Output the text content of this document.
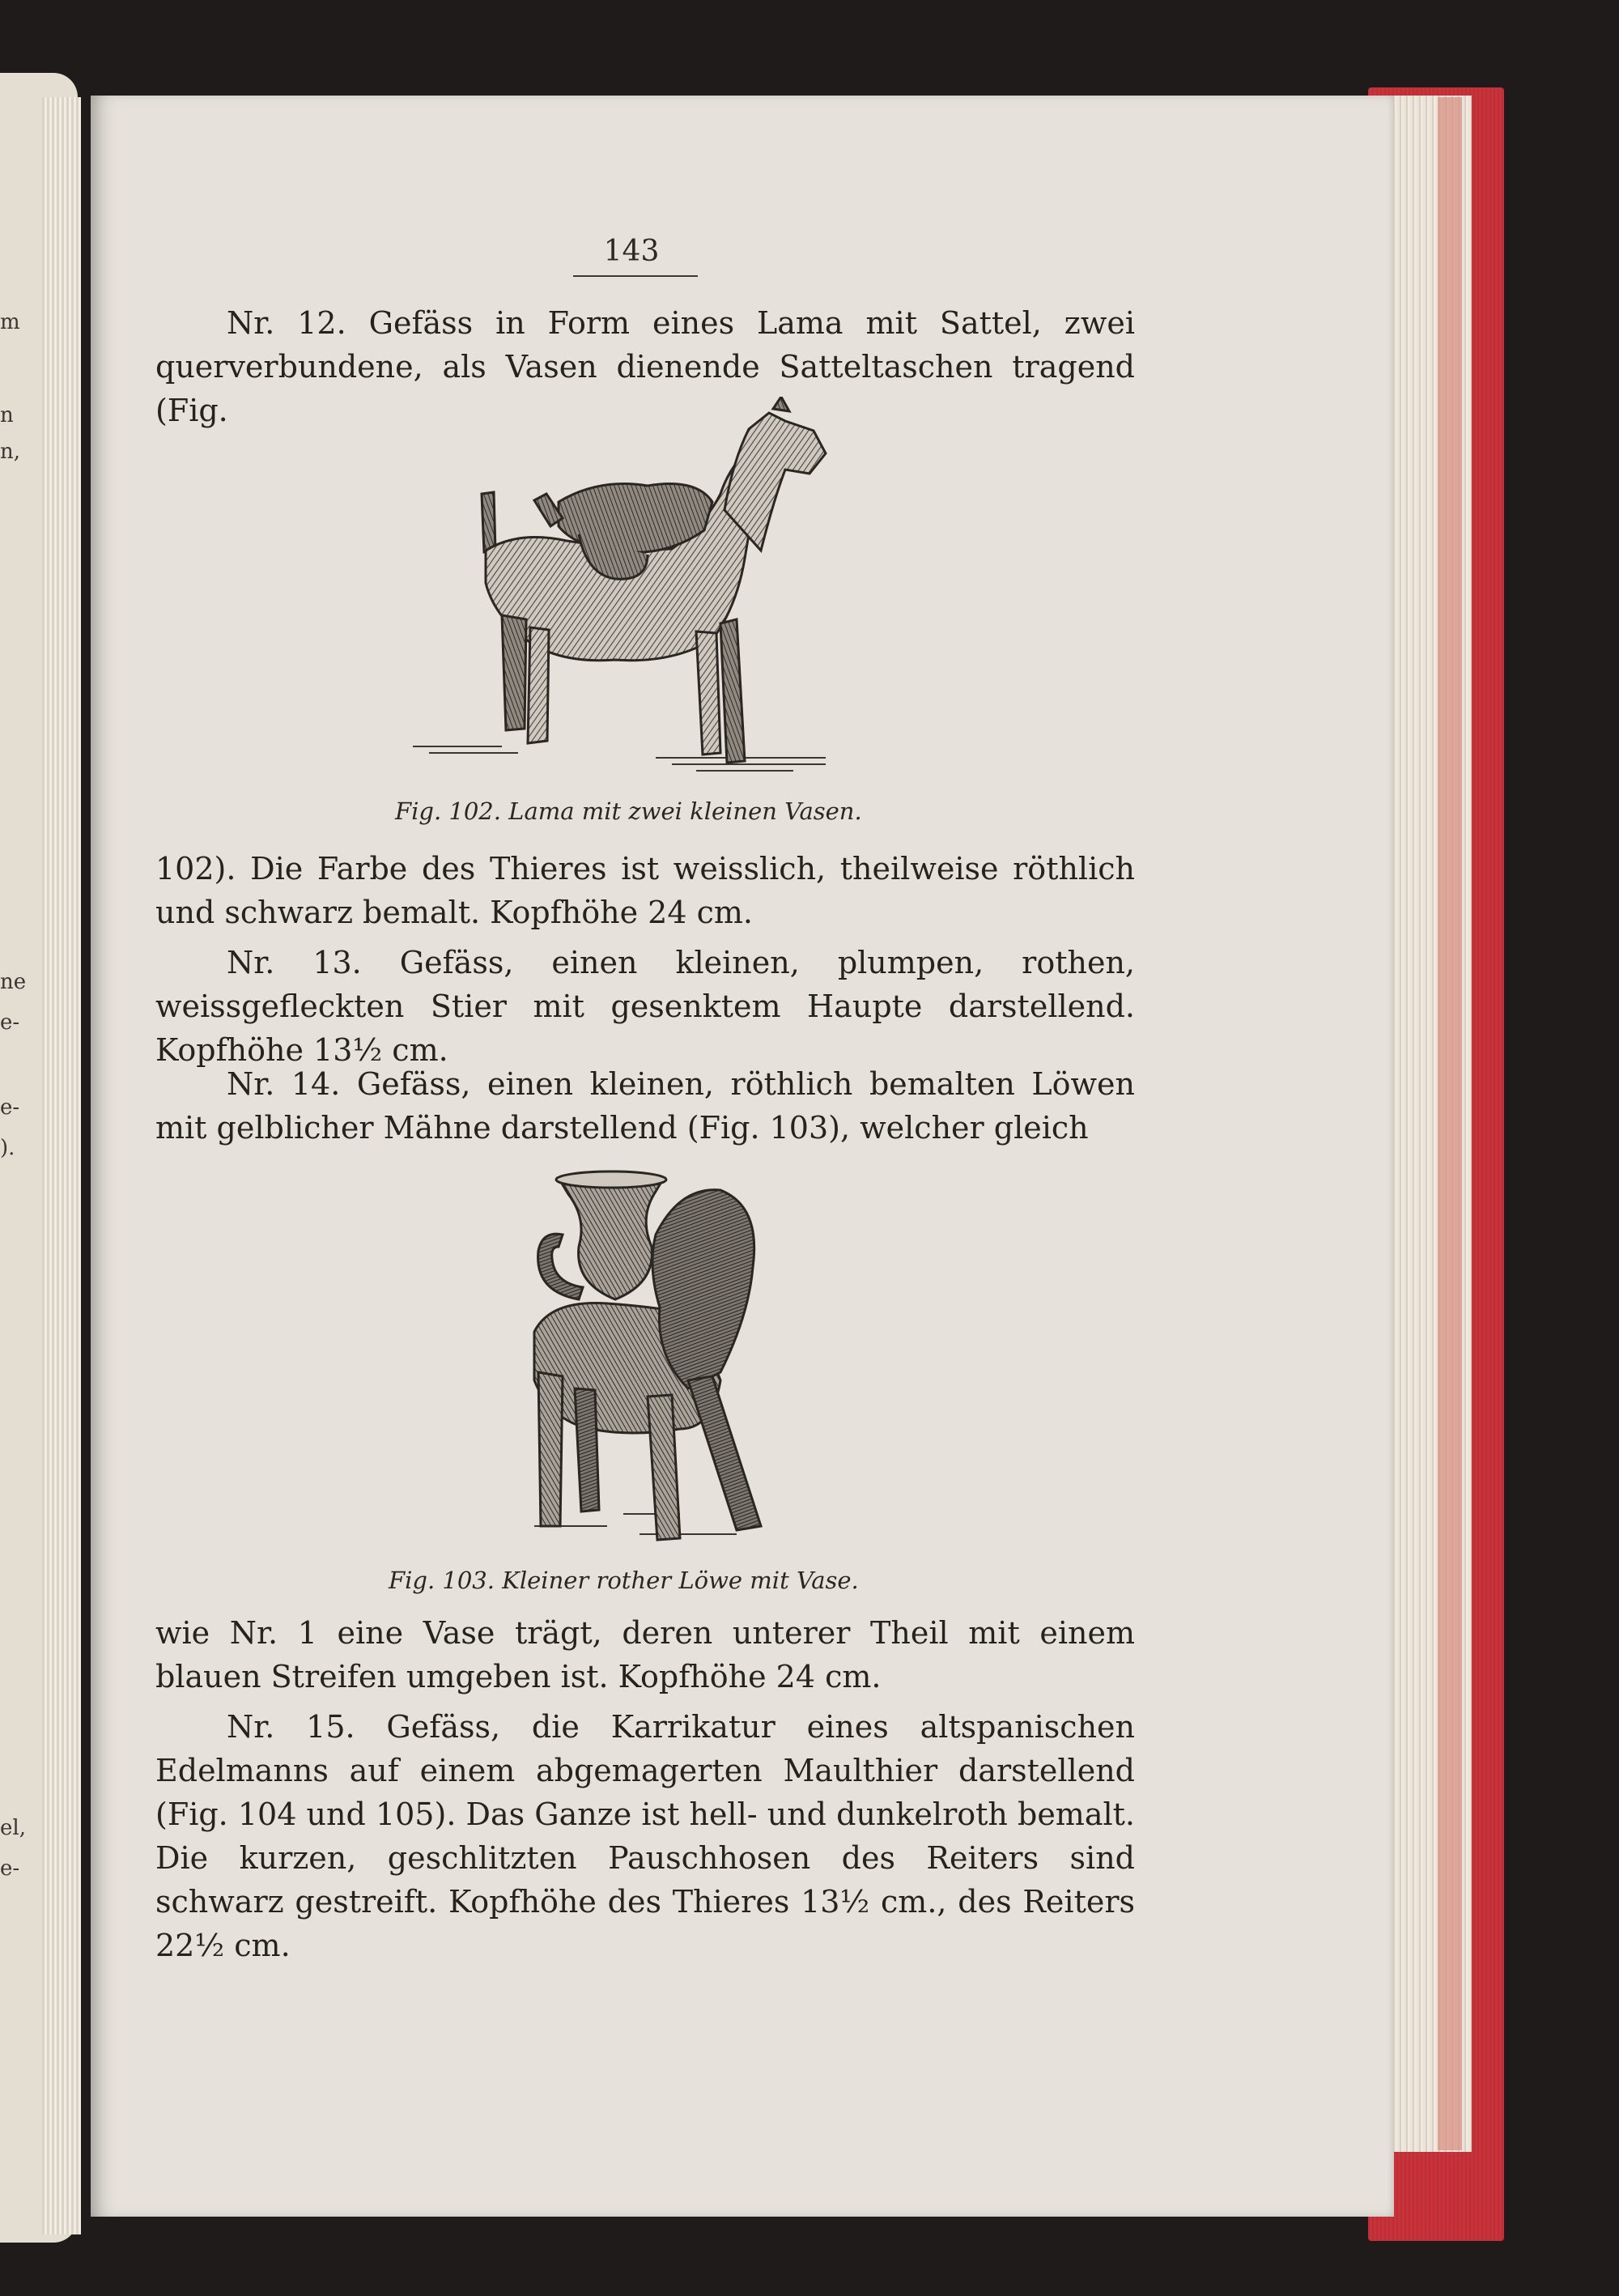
m
n
n,
ne
e-
e-
).
el,
e-
143

Nr. 12. Gefäss in Form eines Lama mit Sattel, zwei querverbundene, als Vasen dienende Satteltaschen tragend (Fig.

Fig. 102. Lama mit zwei kleinen Vasen.

102). Die Farbe des Thieres ist weisslich, theilweise röthlich und schwarz bemalt. Kopfhöhe 24 cm.

Nr. 13. Gefäss, einen kleinen, plumpen, rothen, weissgefleckten Stier mit gesenktem Haupte darstellend. Kopfhöhe 13½ cm.

Nr. 14. Gefäss, einen kleinen, röthlich bemalten Löwen mit gelblicher Mähne darstellend (Fig. 103), welcher gleich

Fig. 103. Kleiner rother Löwe mit Vase.

wie Nr. 1 eine Vase trägt, deren unterer Theil mit einem blauen Streifen umgeben ist. Kopfhöhe 24 cm.

Nr. 15. Gefäss, die Karrikatur eines altspanischen Edelmanns auf einem abgemagerten Maulthier darstellend (Fig. 104 und 105). Das Ganze ist hell- und dunkelroth bemalt. Die kurzen, geschlitzten Pauschhosen des Reiters sind schwarz gestreift. Kopfhöhe des Thieres 13½ cm., des Reiters 22½ cm.
